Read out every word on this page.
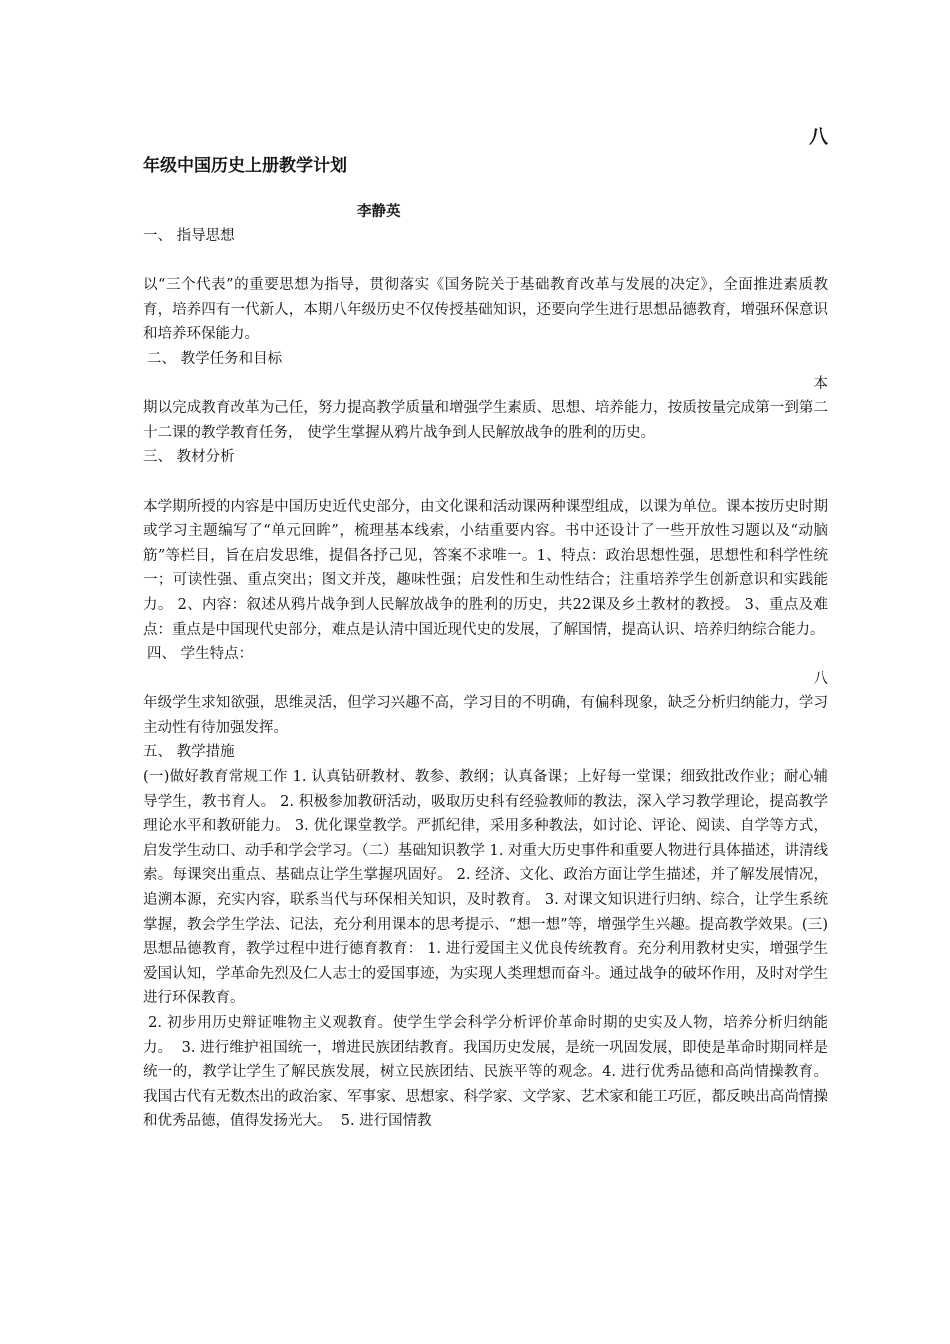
八

年级中国历史上册教学计划

李静英

一、 指导思想

以“三个代表”的重要思想为指导，贯彻落实《国务院关于基础教育改革与发展的决定》，全面推进素质教育，培养四有一代新人，本期八年级历史不仅传授基础知识，还要向学生进行思想品德教育，增强环保意识和培养环保能力。

二、 教学任务和目标

本

期以完成教育改革为己任，努力提高教学质量和增强学生素质、思想、培养能力，按质按量完成第一到第二十二课的教学教育任务， 使学生掌握从鸦片战争到人民解放战争的胜利的历史。

三、 教材分析

本学期所授的内容是中国历史近代史部分，由文化课和活动课两种课型组成，以课为单位。课本按历史时期或学习主题编写了“单元回眸”，梳理基本线索，小结重要内容。书中还设计了一些开放性习题以及“动脑筋”等栏目，旨在启发思维，提倡各抒己见，答案不求唯一。1、特点：政治思想性强，思想性和科学性统一；可读性强、重点突出；图文并茂，趣味性强；启发性和生动性结合；注重培养学生创新意识和实践能力。 2、内容：叙述从鸦片战争到人民解放战争的胜利的历史，共22课及乡土教材的教授。 3、重点及难点：重点是中国现代史部分，难点是认清中国近现代史的发展，了解国情，提高认识、培养归纳综合能力。

四、 学生特点：

八

年级学生求知欲强，思维灵活，但学习兴趣不高，学习目的不明确，有偏科现象，缺乏分析归纳能力，学习主动性有待加强发挥。

五、 教学措施

(一)做好教育常规工作 1. 认真钻研教材、教参、教纲；认真备课；上好每一堂课；细致批改作业；耐心辅导学生，教书育人。 2. 积极参加教研活动，吸取历史科有经验教师的教法，深入学习教学理论，提高教学理论水平和教研能力。 3. 优化课堂教学。严抓纪律，采用多种教法，如讨论、评论、阅读、自学等方式，启发学生动口、动手和学会学习。（二）基础知识教学 1. 对重大历史事件和重要人物进行具体描述，讲清线索。每课突出重点、基础点让学生掌握巩固好。 2. 经济、文化、政治方面让学生描述，并了解发展情况，追溯本源，充实内容，联系当代与环保相关知识，及时教育。 3. 对课文知识进行归纳、综合，让学生系统掌握，教会学生学法、记法，充分利用课本的思考提示、“想一想”等，增强学生兴趣。提高教学效果。(三)思想品德教育，教学过程中进行德育教育： 1. 进行爱国主义优良传统教育。充分利用教材史实，增强学生爱国认知，学革命先烈及仁人志士的爱国事迹，为实现人类理想而奋斗。通过战争的破坏作用，及时对学生进行环保教育。

2. 初步用历史辩证唯物主义观教育。使学生学会科学分析评价革命时期的史实及人物，培养分析归纳能力。  3. 进行维护祖国统一，增进民族团结教育。我国历史发展，是统一巩固发展，即使是革命时期同样是统一的，教学让学生了解民族发展，树立民族团结、民族平等的观念。4. 进行优秀品德和高尚情操教育。我国古代有无数杰出的政治家、军事家、思想家、科学家、文学家、艺术家和能工巧匠，都反映出高尚情操和优秀品德，值得发扬光大。  5. 进行国情教
